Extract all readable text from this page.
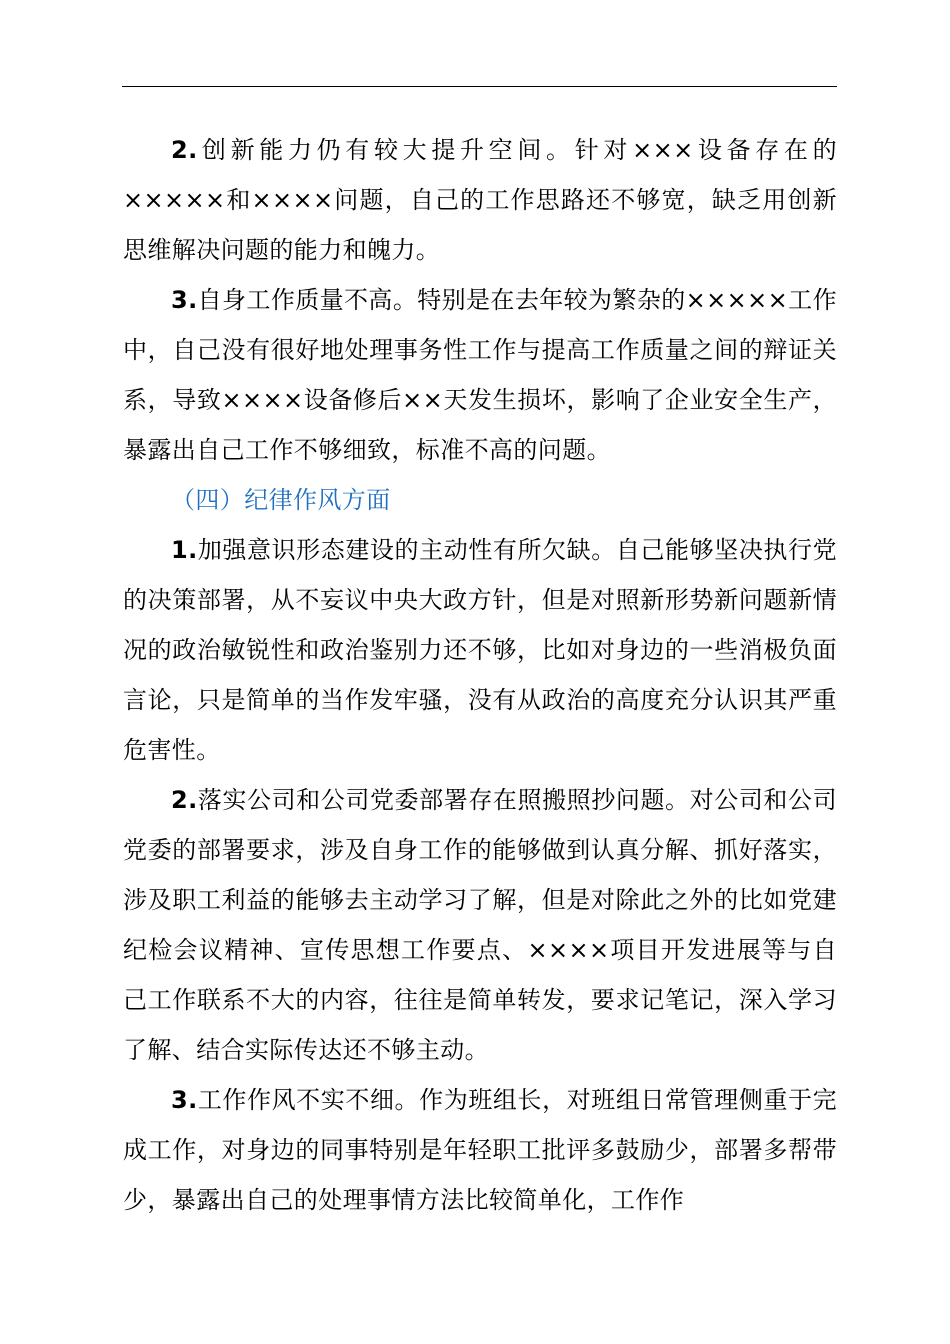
2.创新能力仍有较大提升空间。针对×××设备存在的×××××和××××问题，自己的工作思路还不够宽，缺乏用创新思维解决问题的能力和魄力。

3.自身工作质量不高。特别是在去年较为繁杂的×××××工作中，自己没有很好地处理事务性工作与提高工作质量之间的辩证关系，导致××××设备修后××天发生损坏，影响了企业安全生产，暴露出自己工作不够细致，标准不高的问题。

（四）纪律作风方面

1.加强意识形态建设的主动性有所欠缺。自己能够坚决执行党的决策部署，从不妄议中央大政方针，但是对照新形势新问题新情况的政治敏锐性和政治鉴别力还不够，比如对身边的一些消极负面言论，只是简单的当作发牢骚，没有从政治的高度充分认识其严重危害性。

2.落实公司和公司党委部署存在照搬照抄问题。对公司和公司党委的部署要求，涉及自身工作的能够做到认真分解、抓好落实，涉及职工利益的能够去主动学习了解，但是对除此之外的比如党建纪检会议精神、宣传思想工作要点、××××项目开发进展等与自己工作联系不大的内容，往往是简单转发，要求记笔记，深入学习了解、结合实际传达还不够主动。

3.工作作风不实不细。作为班组长，对班组日常管理侧重于完成工作，对身边的同事特别是年轻职工批评多鼓励少，部署多帮带少，暴露出自己的处理事情方法比较简单化，工作作
